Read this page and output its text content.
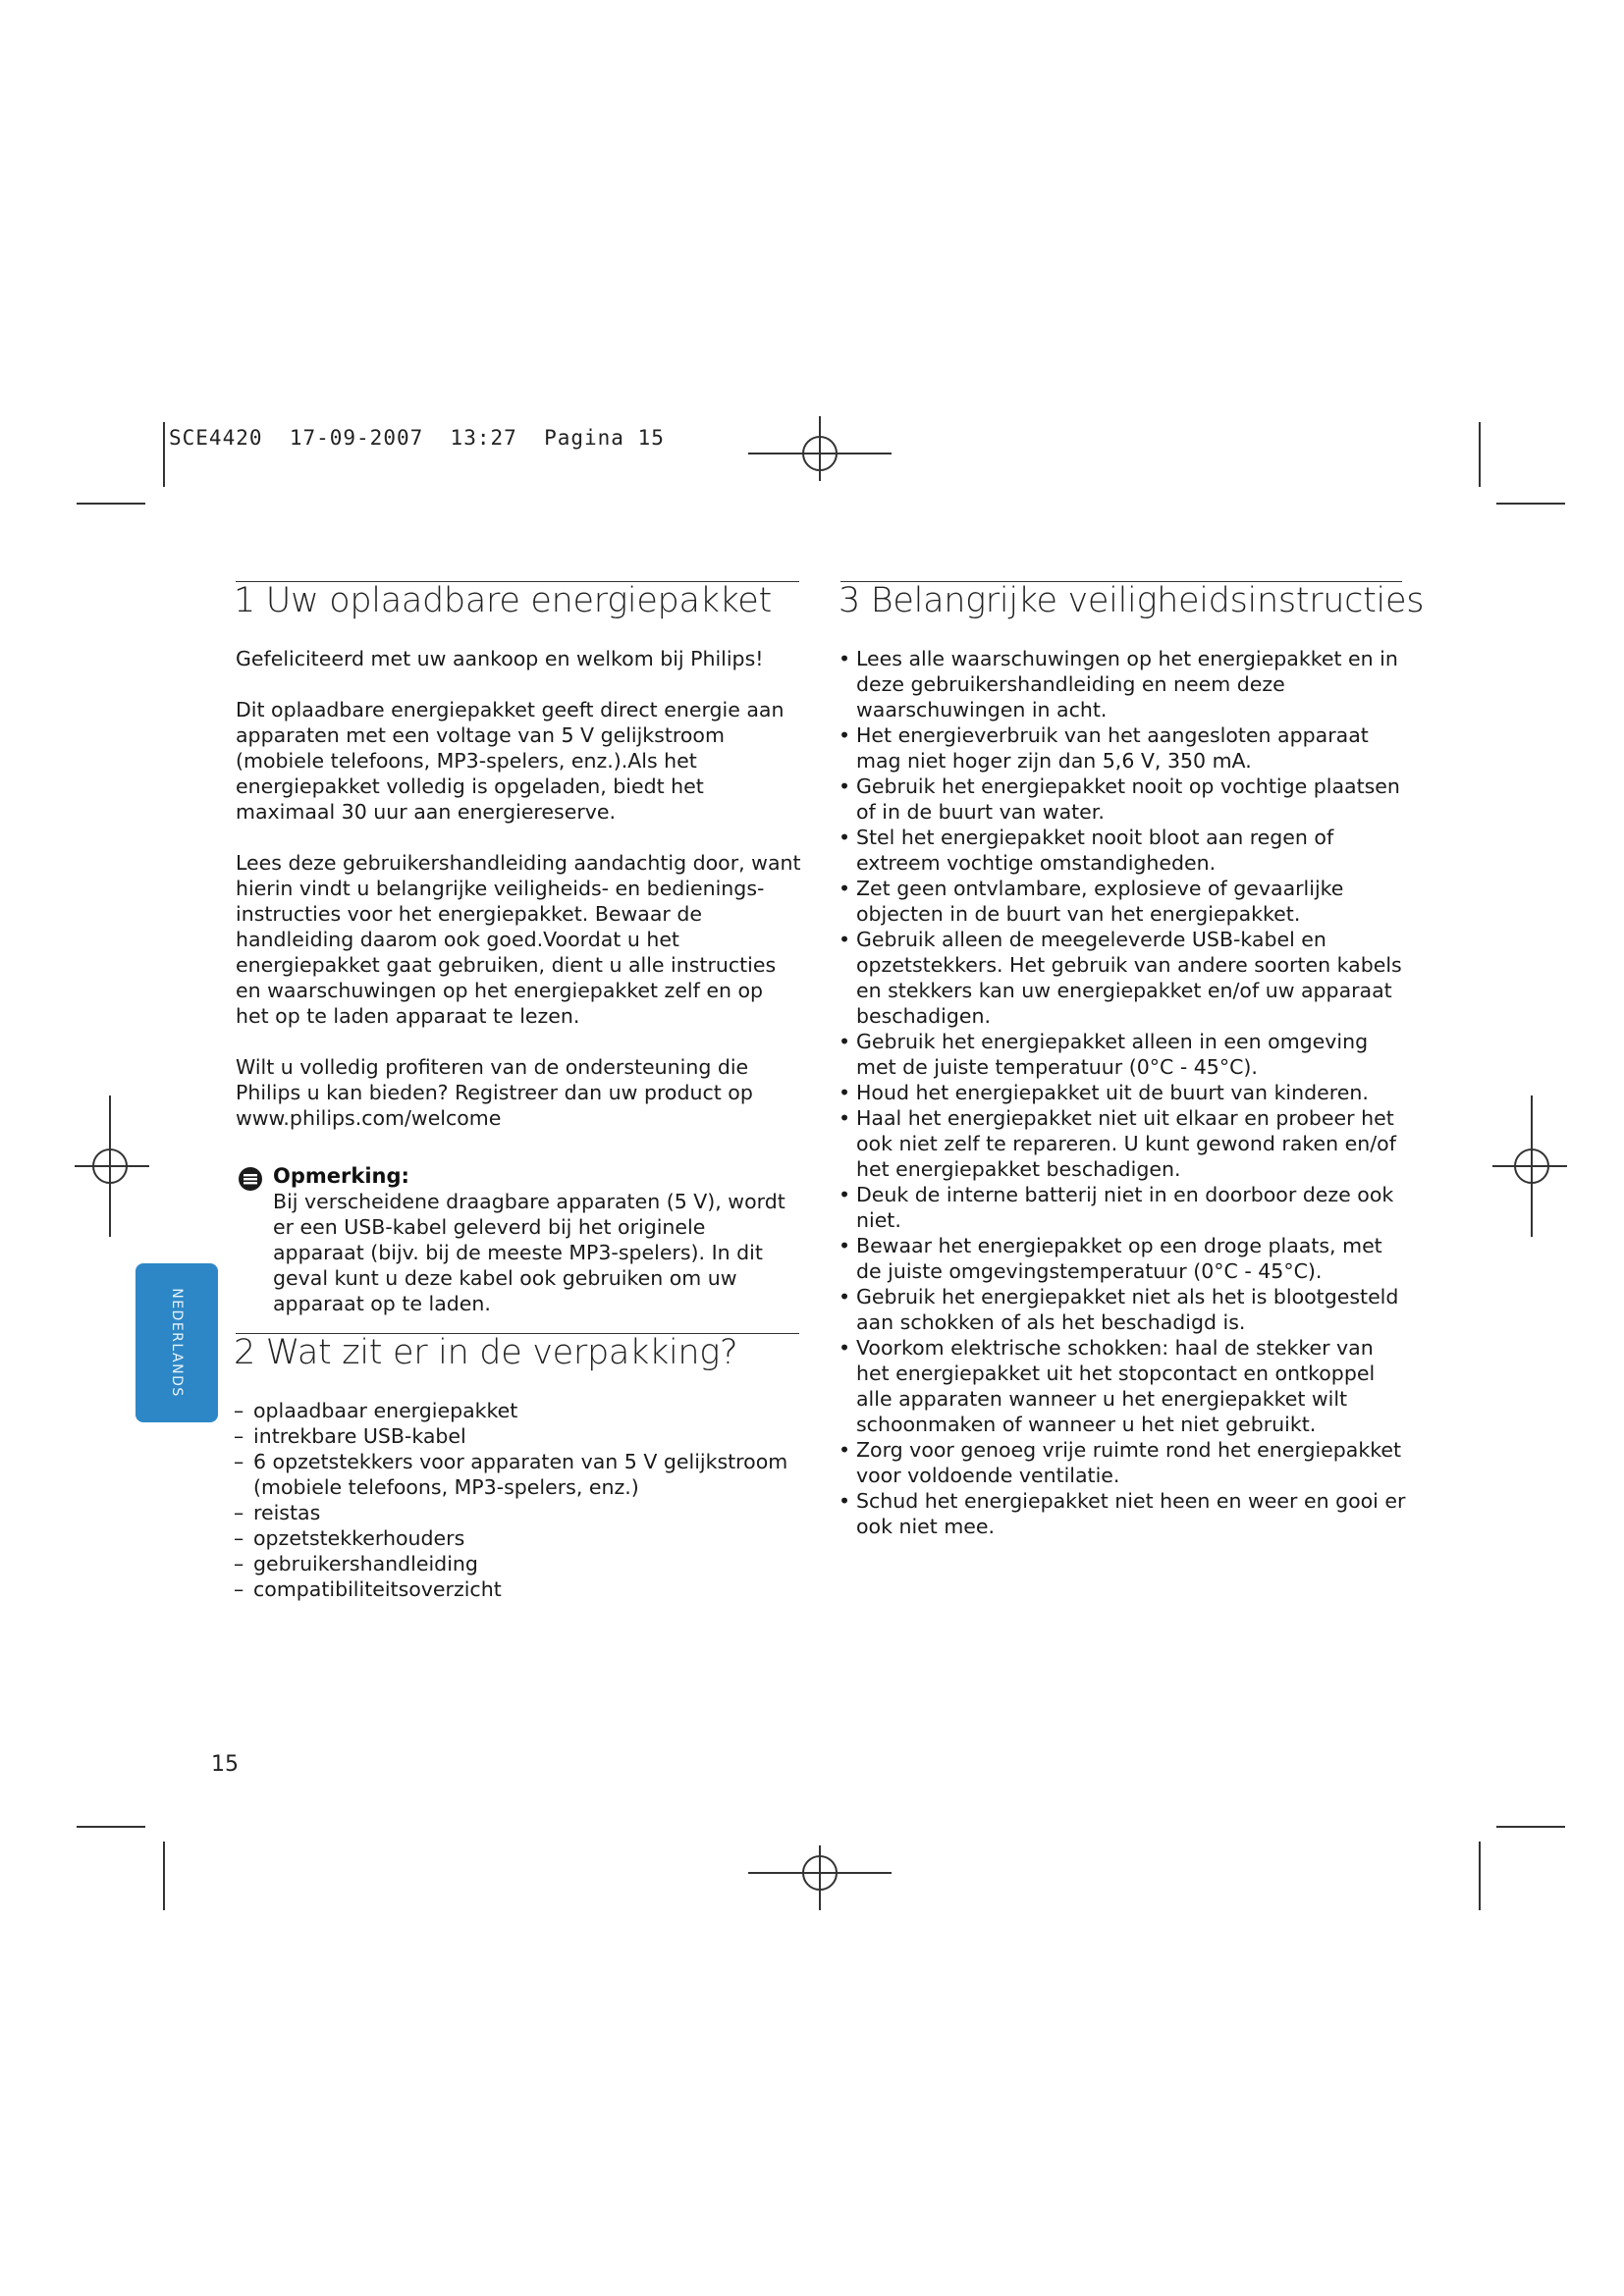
SCE4420 17-09-2007 13:27 Pagina 15
NEDERLANDS
1 Uw oplaadbare energiepakket

Gefeliciteerd met uw aankoop en welkom bij Philips!

Dit oplaadbare energiepakket geeft direct energie aan apparaten met een voltage van 5 V gelijkstroom (mobiele telefoons, MP3-spelers, enz.).Als het energiepakket volledig is opgeladen, biedt het maximaal 30 uur aan energiereserve.

Lees deze gebruikershandleiding aandachtig door, want hierin vindt u belangrijke veiligheids- en bedienings-instructies voor het energiepakket. Bewaar de handleiding daarom ook goed.Voordat u het energiepakket gaat gebruiken, dient u alle instructies en waarschuwingen op het energiepakket zelf en op het op te laden apparaat te lezen.

Wilt u volledig profiteren van de ondersteuning die Philips u kan bieden? Registreer dan uw product op www.philips.com/welcome

Opmerking:
Bij verscheidene draagbare apparaten (5 V), wordt er een USB-kabel geleverd bij het originele apparaat (bijv. bij de meeste MP3-spelers). In dit geval kunt u deze kabel ook gebruiken om uw apparaat op te laden.
2 Wat zit er in de verpakking?
– oplaadbaar energiepakket
– intrekbare USB-kabel
– 6 opzetstekkers voor apparaten van 5 V gelijkstroom (mobiele telefoons, MP3-spelers, enz.)
– reistas
– opzetstekkerhouders
– gebruikershandleiding
– compatibiliteitsoverzicht
3 Belangrijke veiligheidsinstructies
• Lees alle waarschuwingen op het energiepakket en in deze gebruikershandleiding en neem deze waarschuwingen in acht.
• Het energieverbruik van het aangesloten apparaat mag niet hoger zijn dan 5,6 V, 350 mA.
• Gebruik het energiepakket nooit op vochtige plaatsen of in de buurt van water.
• Stel het energiepakket nooit bloot aan regen of extreem vochtige omstandigheden.
• Zet geen ontvlambare, explosieve of gevaarlijke objecten in de buurt van het energiepakket.
• Gebruik alleen de meegeleverde USB-kabel en opzetstekkers. Het gebruik van andere soorten kabels en stekkers kan uw energiepakket en/of uw apparaat beschadigen.
• Gebruik het energiepakket alleen in een omgeving met de juiste temperatuur (0°C - 45°C).
• Houd het energiepakket uit de buurt van kinderen.
• Haal het energiepakket niet uit elkaar en probeer het ook niet zelf te repareren. U kunt gewond raken en/of het energiepakket beschadigen.
• Deuk de interne batterij niet in en doorboor deze ook niet.
• Bewaar het energiepakket op een droge plaats, met de juiste omgevingstemperatuur (0°C - 45°C).
• Gebruik het energiepakket niet als het is blootgesteld aan schokken of als het beschadigd is.
• Voorkom elektrische schokken: haal de stekker van het energiepakket uit het stopcontact en ontkoppel alle apparaten wanneer u het energiepakket wilt schoonmaken of wanneer u het niet gebruikt.
• Zorg voor genoeg vrije ruimte rond het energiepakket voor voldoende ventilatie.
• Schud het energiepakket niet heen en weer en gooi er ook niet mee.
15
